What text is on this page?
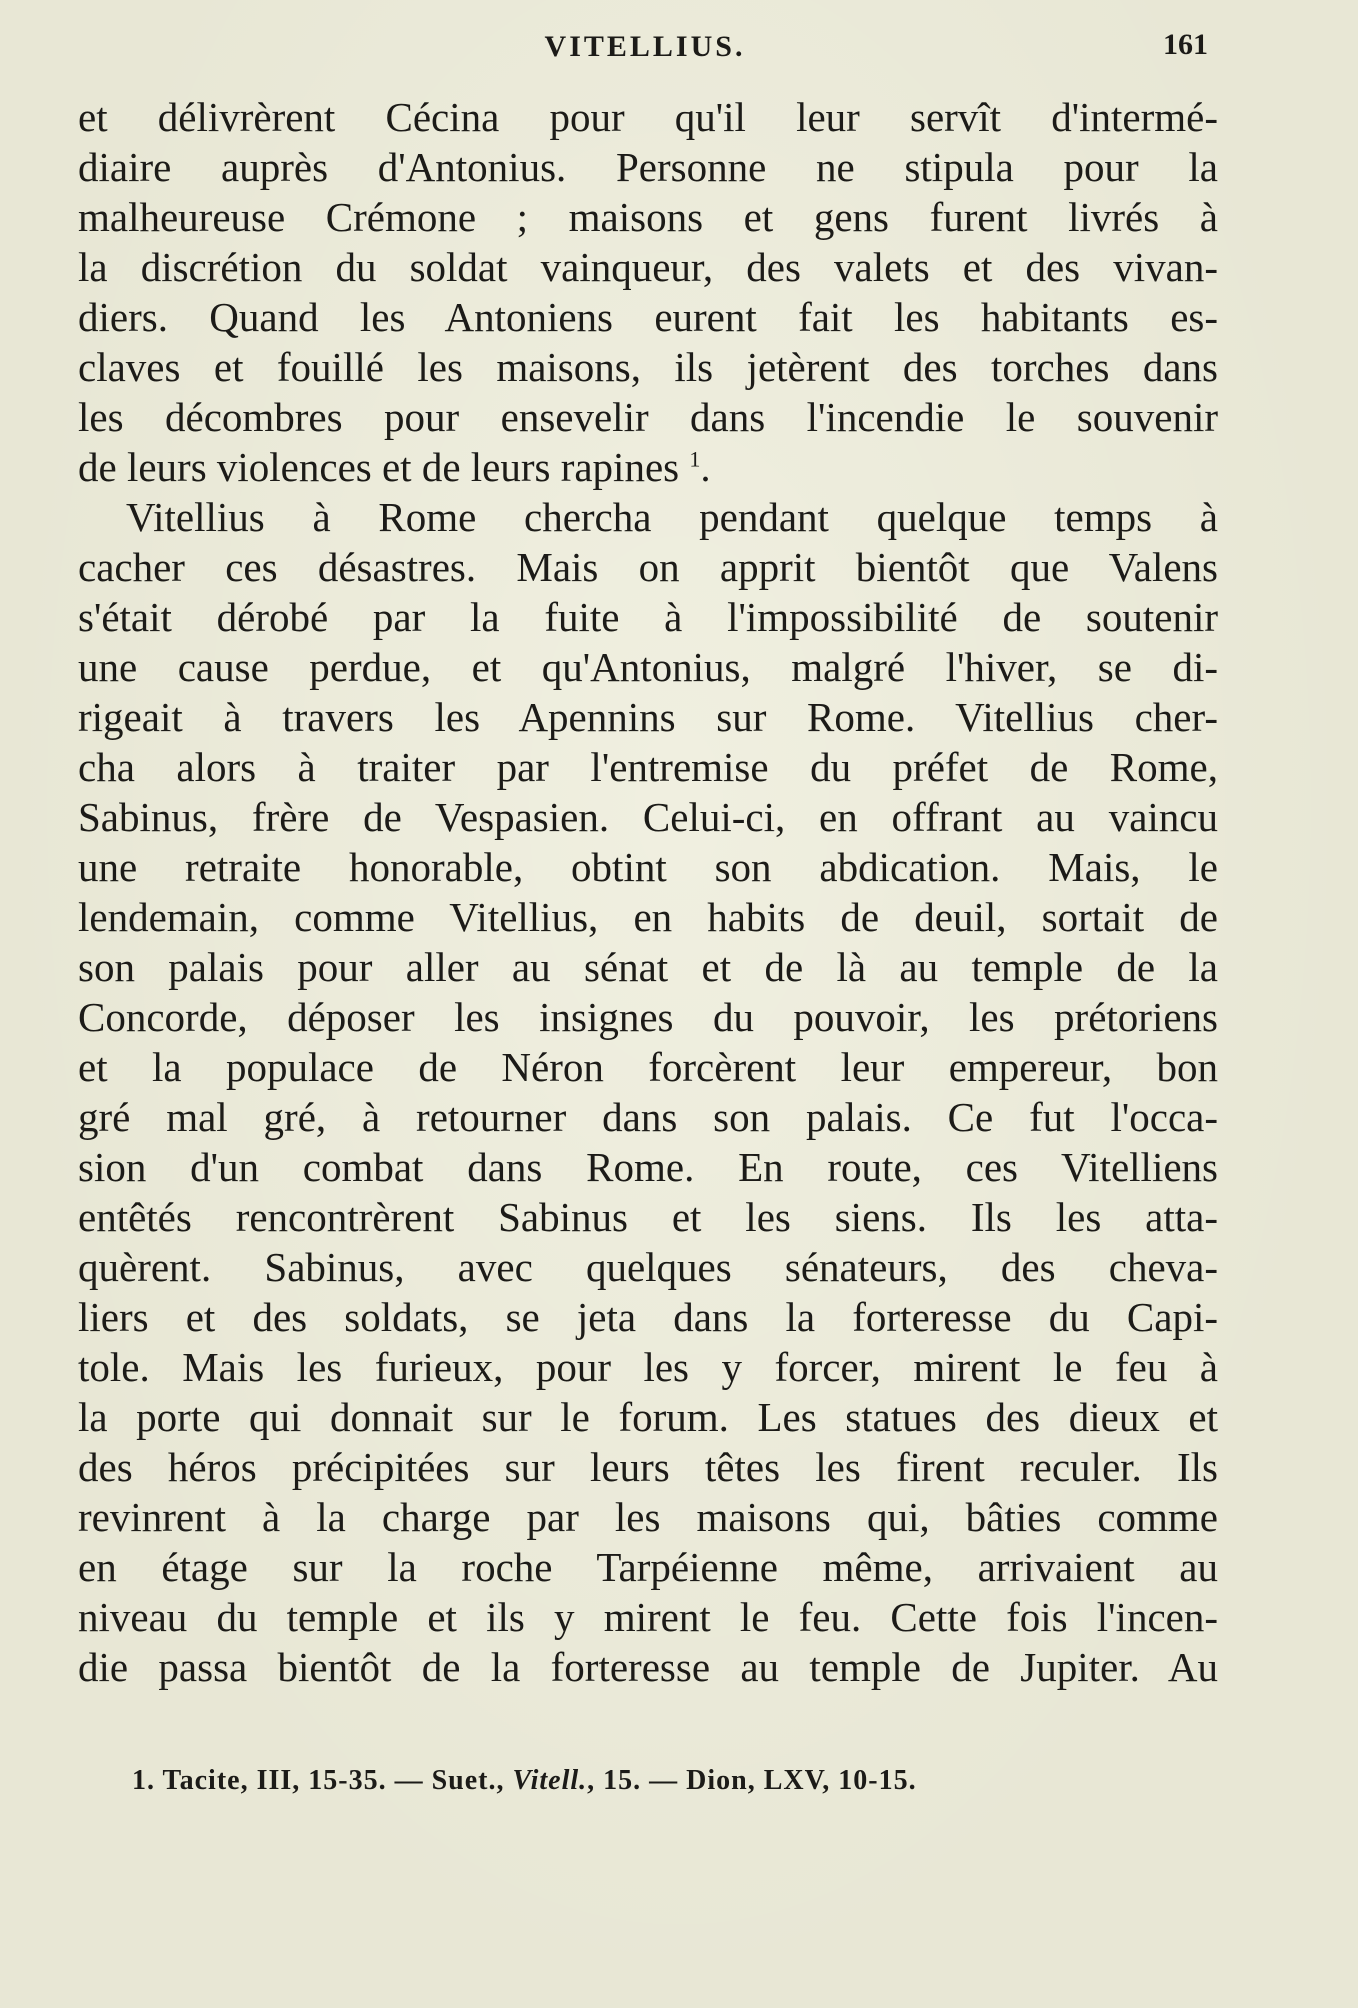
VITELLIUS.	161
et délivrèrent Cécina pour qu'il leur servît d'intermé-
diaire auprès d'Antonius. Personne ne stipula pour la
malheureuse Crémone ; maisons et gens furent livrés à
la discrétion du soldat vainqueur, des valets et des vivan-
diers. Quand les Antoniens eurent fait les habitants es-
claves et fouillé les maisons, ils jetèrent des torches dans
les décombres pour ensevelir dans l'incendie le souvenir
de leurs violences et de leurs rapines $^1$.
Vitellius à Rome chercha pendant quelque temps à
cacher ces désastres. Mais on apprit bientôt que Valens
s'était dérobé par la fuite à l'impossibilité de soutenir
une cause perdue, et qu'Antonius, malgré l'hiver, se di-
rigeait à travers les Apennins sur Rome. Vitellius cher-
cha alors à traiter par l'entremise du préfet de Rome,
Sabinus, frère de Vespasien. Celui-ci, en offrant au vaincu
une retraite honorable, obtint son abdication. Mais, le
lendemain, comme Vitellius, en habits de deuil, sortait de
son palais pour aller au sénat et de là au temple de la
Concorde, déposer les insignes du pouvoir, les prétoriens
et la populace de Néron forcèrent leur empereur, bon
gré mal gré, à retourner dans son palais. Ce fut l'occa-
sion d'un combat dans Rome. En route, ces Vitelliens
entêtés rencontrèrent Sabinus et les siens. Ils les atta-
quèrent. Sabinus, avec quelques sénateurs, des cheva-
liers et des soldats, se jeta dans la forteresse du Capi-
tole. Mais les furieux, pour les y forcer, mirent le feu à
la porte qui donnait sur le forum. Les statues des dieux et
des héros précipitées sur leurs têtes les firent reculer. Ils
revinrent à la charge par les maisons qui, bâties comme
en étage sur la roche Tarpéienne même, arrivaient au
niveau du temple et ils y mirent le feu. Cette fois l'incen-
die passa bientôt de la forteresse au temple de Jupiter. Au
1. Tacite, III, 15-35. — Suet., Vitell., 15. — Dion, LXV, 10-15.
